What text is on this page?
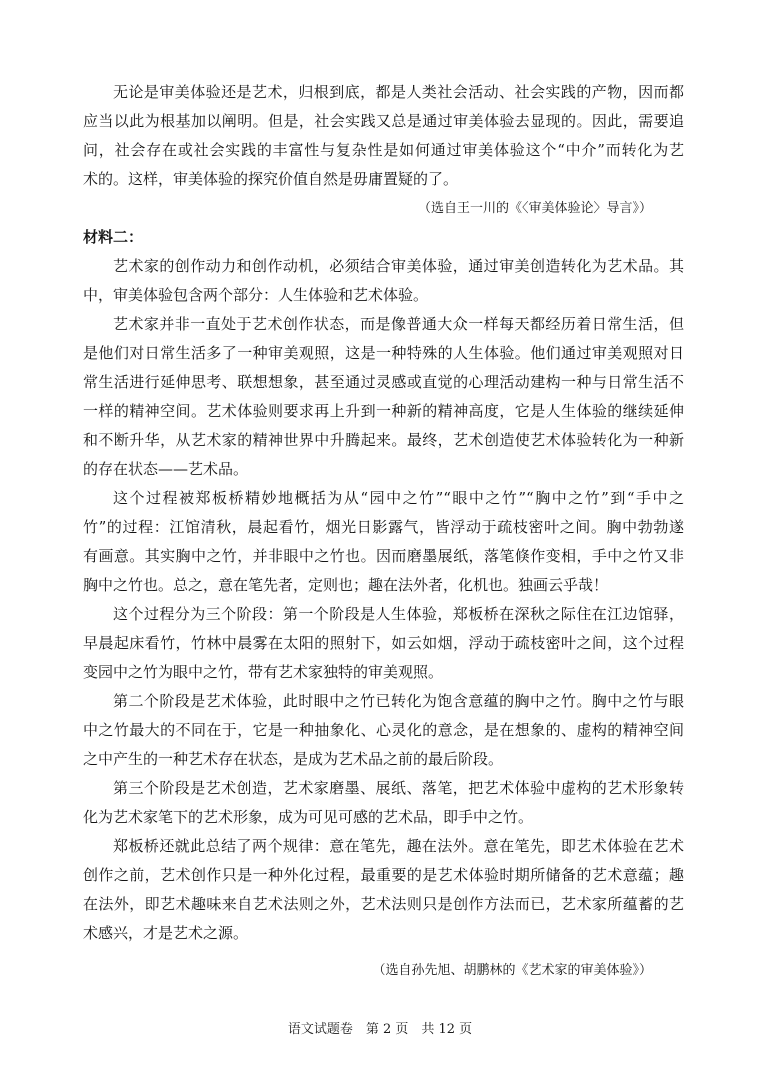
无论是审美体验还是艺术，归根到底，都是人类社会活动、社会实践的产物，因而都
应当以此为根基加以阐明。但是，社会实践又总是通过审美体验去显现的。因此，需要追
问，社会存在或社会实践的丰富性与复杂性是如何通过审美体验这个“中介”而转化为艺
术的。这样，审美体验的探究价值自然是毋庸置疑的了。
（选自王一川的《〈审美体验论〉导言》）
材料二：
艺术家的创作动力和创作动机，必须结合审美体验，通过审美创造转化为艺术品。其
中，审美体验包含两个部分：人生体验和艺术体验。
艺术家并非一直处于艺术创作状态，而是像普通大众一样每天都经历着日常生活，但
是他们对日常生活多了一种审美观照，这是一种特殊的人生体验。他们通过审美观照对日
常生活进行延伸思考、联想想象，甚至通过灵感或直觉的心理活动建构一种与日常生活不
一样的精神空间。艺术体验则要求再上升到一种新的精神高度，它是人生体验的继续延伸
和不断升华，从艺术家的精神世界中升腾起来。最终，艺术创造使艺术体验转化为一种新
的存在状态——艺术品。
这个过程被郑板桥精妙地概括为从“园中之竹”“眼中之竹”“胸中之竹”到“手中之
竹”的过程：江馆清秋，晨起看竹，烟光日影露气，皆浮动于疏枝密叶之间。胸中勃勃遂
有画意。其实胸中之竹，并非眼中之竹也。因而磨墨展纸，落笔倏作变相，手中之竹又非
胸中之竹也。总之，意在笔先者，定则也；趣在法外者，化机也。独画云乎哉！
这个过程分为三个阶段：第一个阶段是人生体验，郑板桥在深秋之际住在江边馆驿，
早晨起床看竹，竹林中晨雾在太阳的照射下，如云如烟，浮动于疏枝密叶之间，这个过程
变园中之竹为眼中之竹，带有艺术家独特的审美观照。
第二个阶段是艺术体验，此时眼中之竹已转化为饱含意蕴的胸中之竹。胸中之竹与眼
中之竹最大的不同在于，它是一种抽象化、心灵化的意念，是在想象的、虚构的精神空间
之中产生的一种艺术存在状态，是成为艺术品之前的最后阶段。
第三个阶段是艺术创造，艺术家磨墨、展纸、落笔，把艺术体验中虚构的艺术形象转
化为艺术家笔下的艺术形象，成为可见可感的艺术品，即手中之竹。
郑板桥还就此总结了两个规律：意在笔先，趣在法外。意在笔先，即艺术体验在艺术
创作之前，艺术创作只是一种外化过程，最重要的是艺术体验时期所储备的艺术意蕴；趣
在法外，即艺术趣味来自艺术法则之外，艺术法则只是创作方法而已，艺术家所蕴蓄的艺
术感兴，才是艺术之源。
（选自孙先旭、胡鹏林的《艺术家的审美体验》）
语文试题卷　第 2 页　共 12 页
